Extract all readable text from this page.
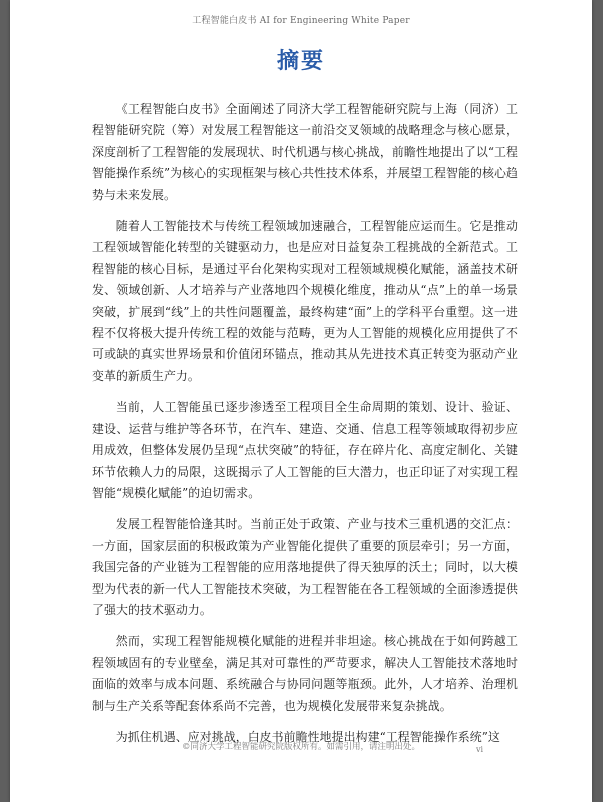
工程智能白皮书 AI for Engineering White Paper
摘要

《工程智能白皮书》全面阐述了同济大学工程智能研究院与上海（同济）工程智能研究院（筹）对发展工程智能这一前沿交叉领域的战略理念与核心愿景，深度剖析了工程智能的发展现状、时代机遇与核心挑战，前瞻性地提出了以“工程智能操作系统”为核心的实现框架与核心共性技术体系，并展望工程智能的核心趋势与未来发展。

随着人工智能技术与传统工程领域加速融合，工程智能应运而生。它是推动工程领域智能化转型的关键驱动力，也是应对日益复杂工程挑战的全新范式。工程智能的核心目标，是通过平台化架构实现对工程领域规模化赋能，涵盖技术研发、领域创新、人才培养与产业落地四个规模化维度，推动从“点”上的单一场景突破，扩展到“线”上的共性问题覆盖，最终构建“面”上的学科平台重塑。这一进程不仅将极大提升传统工程的效能与范畴，更为人工智能的规模化应用提供了不可或缺的真实世界场景和价值闭环锚点，推动其从先进技术真正转变为驱动产业变革的新质生产力。

当前，人工智能虽已逐步渗透至工程项目全生命周期的策划、设计、验证、建设、运营与维护等各环节，在汽车、建造、交通、信息工程等领域取得初步应用成效，但整体发展仍呈现“点状突破”的特征，存在碎片化、高度定制化、关键环节依赖人力的局限，这既揭示了人工智能的巨大潜力，也正印证了对实现工程智能“规模化赋能”的迫切需求。

发展工程智能恰逢其时。当前正处于政策、产业与技术三重机遇的交汇点：一方面，国家层面的积极政策为产业智能化提供了重要的顶层牵引；另一方面，我国完备的产业链为工程智能的应用落地提供了得天独厚的沃土；同时，以大模型为代表的新一代人工智能技术突破，为工程智能在各工程领域的全面渗透提供了强大的技术驱动力。

然而，实现工程智能规模化赋能的进程并非坦途。核心挑战在于如何跨越工程领域固有的专业壁垒，满足其对可靠性的严苛要求，解决人工智能技术落地时面临的效率与成本问题、系统融合与协同问题等瓶颈。此外，人才培养、治理机制与生产关系等配套体系尚不完善，也为规模化发展带来复杂挑战。

为抓住机遇、应对挑战，白皮书前瞻性地提出构建“工程智能操作系统”这

©同济大学工程智能研究院版权所有。如需引用，请注明出处。	vi
